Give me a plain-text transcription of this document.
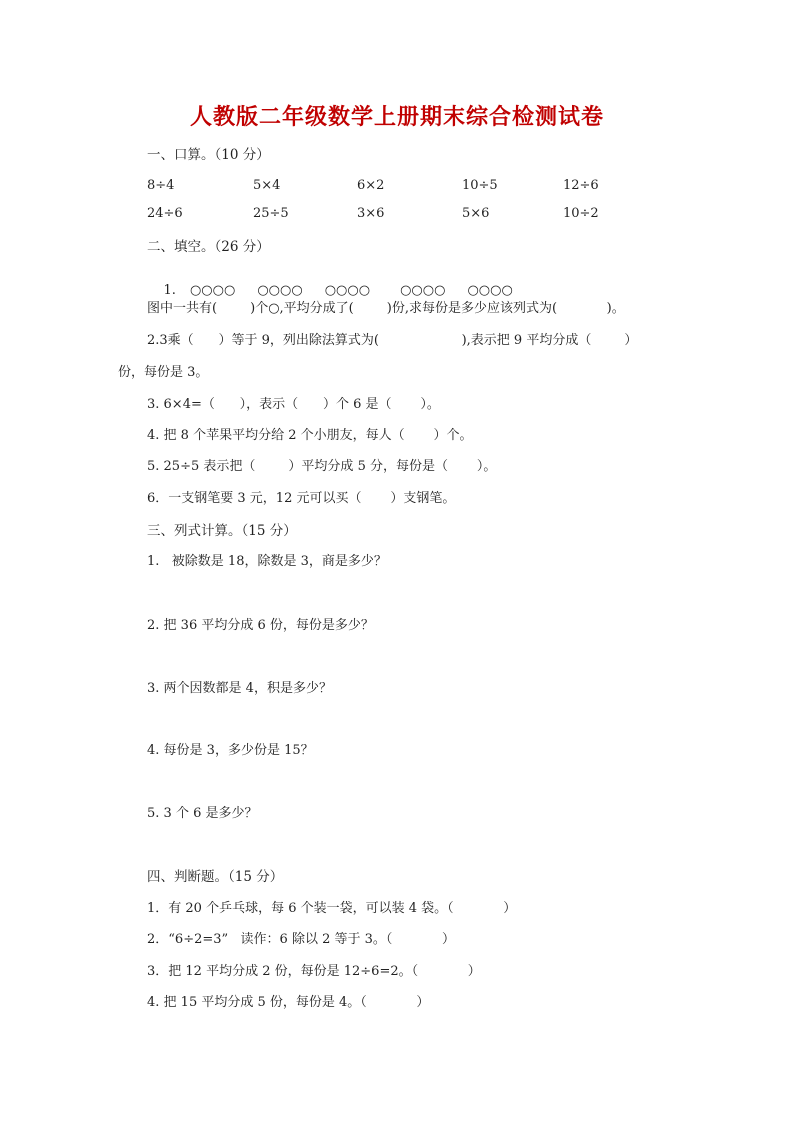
人教版二年级数学上册期末综合检测试卷
一、口算。（10 分）
8÷4	5×4	6×2	10÷5	12÷6
24÷6	25÷5	3×6	5×6	10÷2
二、填空。（26 分）

1. ○○○○ ○○○○ ○○○○ ○○○○ ○○○○

图中一共有(        )个○,平均分成了(        )份,求每份是多少应该列式为(            )。
2.3乘（      ）等于 9，列出除法算式为(                    ),表示把 9 平均分成（        ）
份，每份是 3。
3. 6×4=（      ），表示（      ）个 6 是（       ）。
4. 把 8 个苹果平均分给 2 个小朋友，每人（       ）个。
5. 25÷5 表示把（        ）平均分成 5 分，每份是（       ）。
6．一支钢笔要 3 元，12 元可以买（       ）支钢笔。
三、列式计算。（15 分）
1.   被除数是 18，除数是 3，商是多少？
2. 把 36 平均分成 6 份，每份是多少？
3. 两个因数都是 4，积是多少？
4. 每份是 3，多少份是 15？
5. 3 个 6 是多少？
四、判断题。（15 分）
1．有 20 个乒乓球，每 6 个装一袋，可以装 4 袋。（            ）
2．“6÷2=3”   读作：6 除以 2 等于 3。（            ）
3．把 12 平均分成 2 份，每份是 12÷6=2。（            ）
4. 把 15 平均分成 5 份，每份是 4。（            ）
